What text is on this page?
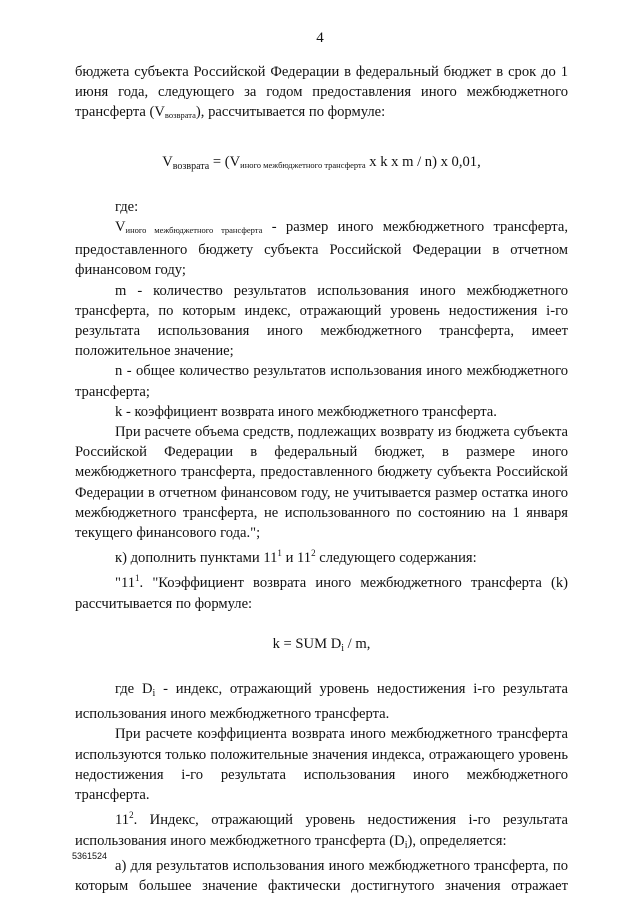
4

бюджета субъекта Российской Федерации в федеральный бюджет в срок до 1 июня года, следующего за годом предоставления иного межбюджетного трансферта $(V_{возврата})$, рассчитывается по формуле:

$V_{возврата} = (V_{иного межбюджетного трансферта}$ x k x m / n) x 0,01,

где:

$V_{иного межбюджетного трансферта}$ - размер иного межбюджетного трансферта, предоставленного бюджету субъекта Российской Федерации в отчетном финансовом году;

m - количество результатов использования иного межбюджетного трансферта, по которым индекс, отражающий уровень недостижения i-го результата использования иного межбюджетного трансферта, имеет положительное значение;

n - общее количество результатов использования иного межбюджетного трансферта;

k - коэффициент возврата иного межбюджетного трансферта.

При расчете объема средств, подлежащих возврату из бюджета субъекта Российской Федерации в федеральный бюджет, в размере иного межбюджетного трансферта, предоставленного бюджету субъекта Российской Федерации в отчетном финансовом году, не учитывается размер остатка иного межбюджетного трансферта, не использованного по состоянию на 1 января текущего финансового года.";

к) дополнить пунктами $11^1$ и $11^2$ следующего содержания:

"$11^1$. "Коэффициент возврата иного межбюджетного трансферта (k) рассчитывается по формуле:

k = SUM $D_i$ / m,

где $D_i$ - индекс, отражающий уровень недостижения i-го результата использования иного межбюджетного трансферта.

При расчете коэффициента возврата иного межбюджетного трансферта используются только положительные значения индекса, отражающего уровень недостижения i-го результата использования иного межбюджетного трансферта.

$11^2$. Индекс, отражающий уровень недостижения i-го результата использования иного межбюджетного трансферта $(D_i)$, определяется:

а) для результатов использования иного межбюджетного трансферта, по которым большее значение фактически достигнутого значения отражает

5361524
